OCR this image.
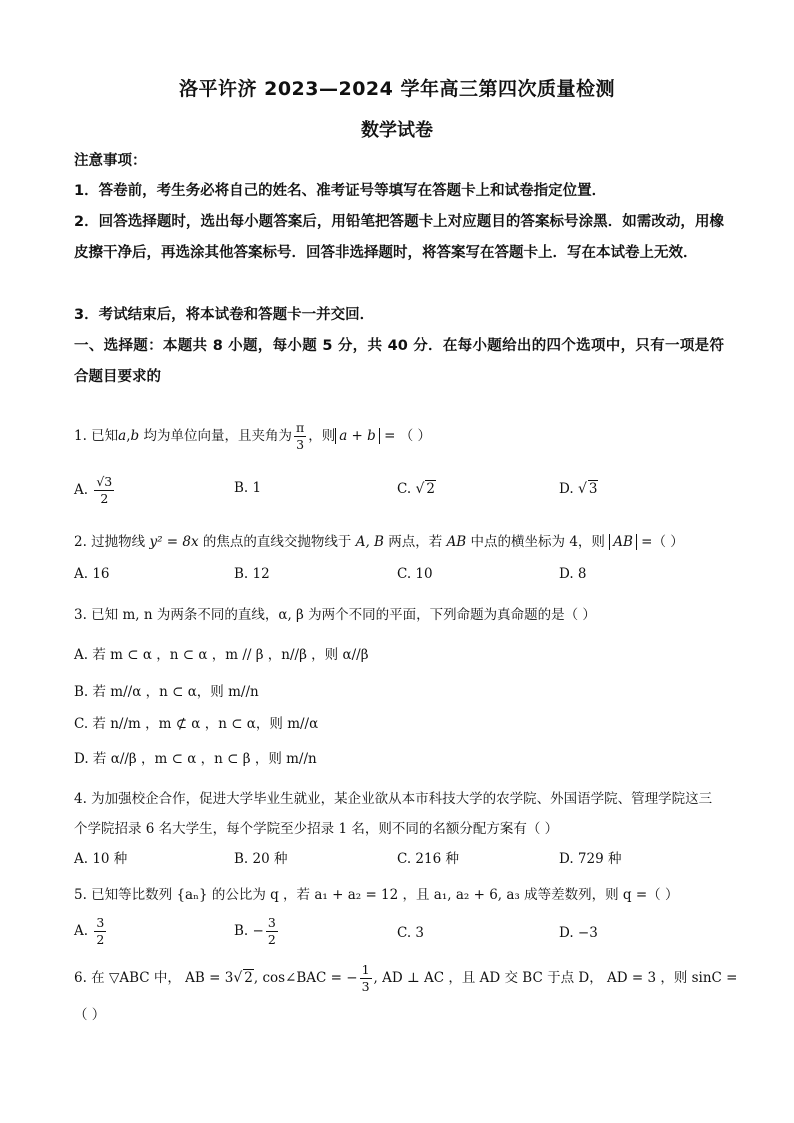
洛平许济 2023—2024 学年高三第四次质量检测
数学试卷
注意事项：
1．答卷前，考生务必将自己的姓名、准考证号等填写在答题卡上和试卷指定位置．
2．回答选择题时，选出每小题答案后，用铅笔把答题卡上对应题目的答案标号涂黑．如需改动，用橡皮擦干净后，再选涂其他答案标号．回答非选择题时，将答案写在答题卡上．写在本试卷上无效．
3．考试结束后，将本试卷和答题卡一并交回．
一、选择题：本题共 8 小题，每小题 5 分，共 40 分．在每小题给出的四个选项中，只有一项是符合题目要求的
1. 已知a,b 均为单位向量，且夹角为 $\frac{\pi}{3}$ ，则 a + b = （ ）
A. $\frac{√3}{2}$	B. 1	C. √ 2	D. √ 3
2. 过抛物线 y² = 8x 的焦点的直线交抛物线于 A, B 两点，若 AB 中点的横坐标为 4，则 AB =（ ）
A. 16	B. 12	C. 10	D. 8
3. 已知 m, n 为两条不同的直线，α, β 为两个不同的平面，下列命题为真命题的是（ ）
A. 若 m ⊂ α ，n ⊂ α ，m // β ，n//β ，则 α//β
B. 若 m//α ，n ⊂ α，则 m//n
C. 若 n//m ，m ⊄ α ，n ⊂ α，则 m//α
D. 若 α//β ，m ⊂ α ，n ⊂ β ，则 m//n
4. 为加强校企合作，促进大学毕业生就业，某企业欲从本市科技大学的农学院、外国语学院、管理学院这三个学院招录 6 名大学生，每个学院至少招录 1 名，则不同的名额分配方案有（ ）
A. 10 种	B. 20 种	C. 216 种	D. 729 种
5. 已知等比数列 {aₙ} 的公比为 q ，若 a₁ + a₂ = 12 ，且 a₁, a₂ + 6, a₃ 成等差数列，则 q =（ ）
A. $\frac{3}{2}$	B. − $\frac{3}{2}$	C. 3	D. −3
6. 在 ▽ABC 中， AB = 3√ 2, cos∠BAC = − $\frac{1}{3}$ , AD ⊥ AC ，且 AD 交 BC 于点 D， AD = 3 ，则 sinC =
（ ）
